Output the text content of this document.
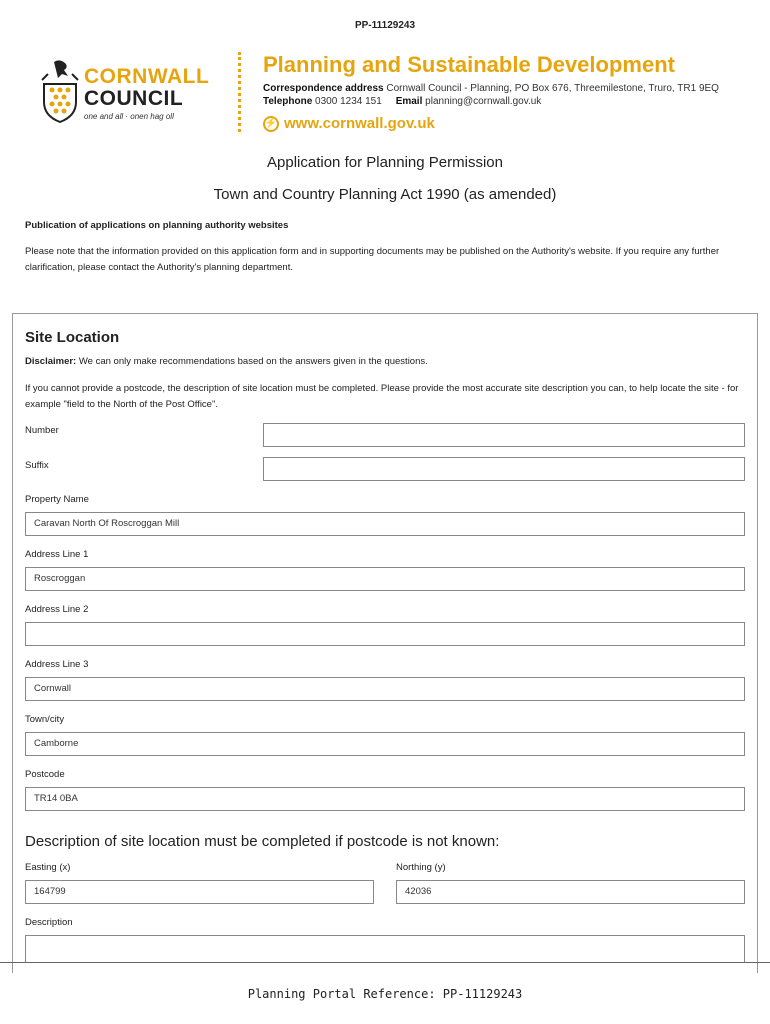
PP-11129243
CORNWALL
COUNCIL
one and all · onen hag oll
Planning and Sustainable Development
Correspondence address Cornwall Council - Planning, PO Box 676, Threemilestone, Truro, TR1 9EQ
Telephone 0300 1234 151 Email planning@cornwall.gov.uk
⚡ www.cornwall.gov.uk
Application for Planning Permission
Town and Country Planning Act 1990 (as amended)
Publication of applications on planning authority websites
Please note that the information provided on this application form and in supporting documents may be published on the Authority's website. If you require any further clarification, please contact the Authority's planning department.
Site Location
Disclaimer: We can only make recommendations based on the answers given in the questions.
If you cannot provide a postcode, the description of site location must be completed. Please provide the most accurate site description you can, to help locate the site - for example "field to the North of the Post Office".
Number
Suffix
Property Name
Caravan North Of Roscroggan Mill
Address Line 1
Roscroggan
Address Line 2
Address Line 3
Cornwall
Town/city
Camborne
Postcode
TR14 0BA
Description of site location must be completed if postcode is not known:
Easting (x)
164799
Northing (y)
42036
Description
Planning Portal Reference: PP-11129243
